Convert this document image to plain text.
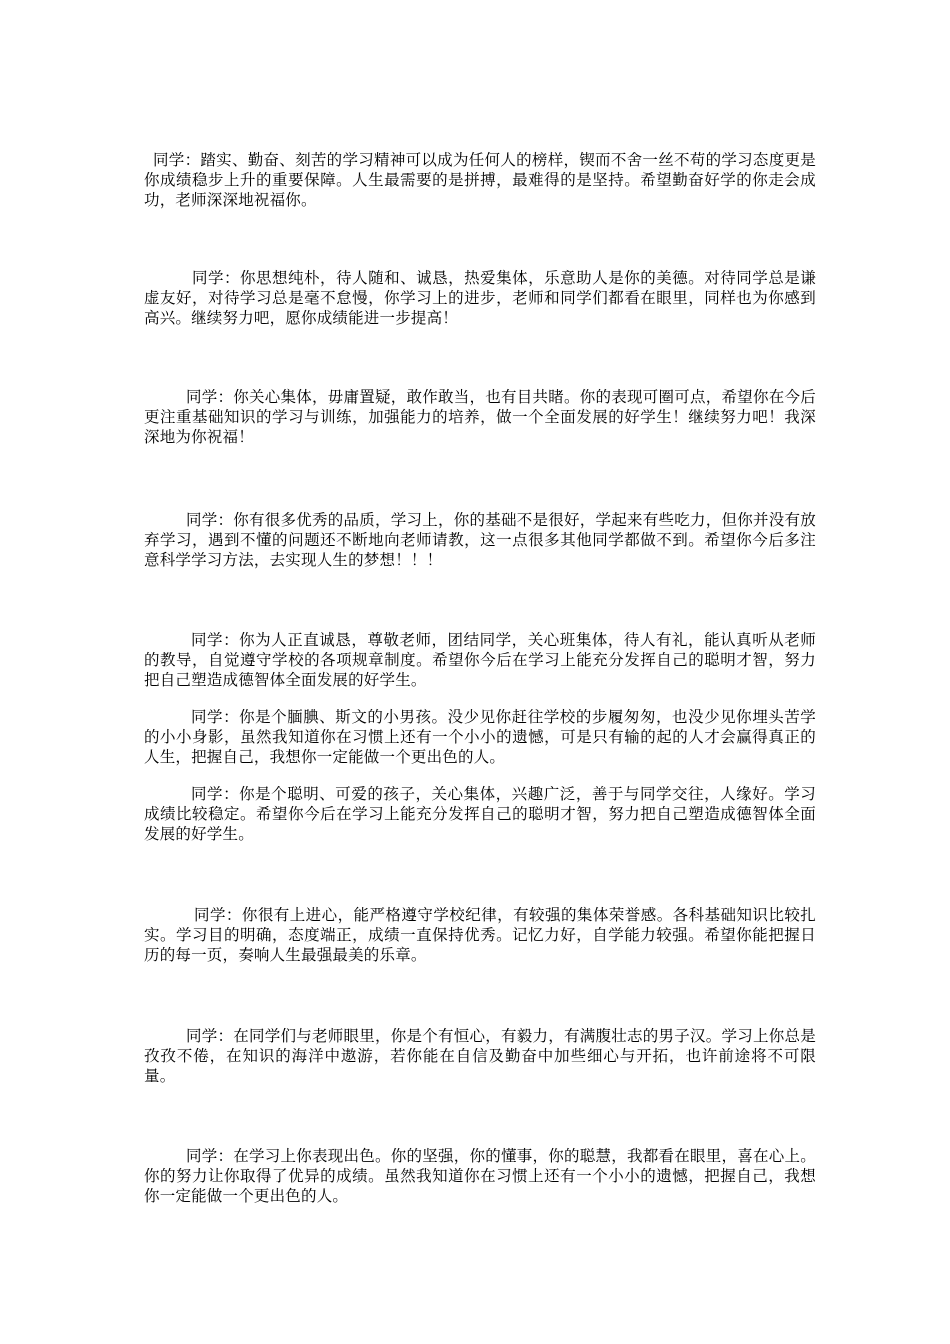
同学：踏实、勤奋、刻苦的学习精神可以成为任何人的榜样，锲而不舍一丝不苟的学习态度更是你成绩稳步上升的重要保障。人生最需要的是拼搏，最难得的是坚持。希望勤奋好学的你走会成功，老师深深地祝福你。

同学：你思想纯朴，待人随和、诚恳，热爱集体，乐意助人是你的美德。对待同学总是谦虚友好，对待学习总是毫不怠慢，你学习上的进步，老师和同学们都看在眼里，同样也为你感到高兴。继续努力吧，愿你成绩能进一步提高！

同学：你关心集体，毋庸置疑，敢作敢当，也有目共睹。你的表现可圈可点，希望你在今后更注重基础知识的学习与训练，加强能力的培养，做一个全面发展的好学生！继续努力吧！我深深地为你祝福！

同学：你有很多优秀的品质，学习上，你的基础不是很好，学起来有些吃力，但你并没有放弃学习，遇到不懂的问题还不断地向老师请教，这一点很多其他同学都做不到。希望你今后多注意科学学习方法，去实现人生的梦想！！！

同学：你为人正直诚恳，尊敬老师，团结同学，关心班集体，待人有礼，能认真听从老师的教导，自觉遵守学校的各项规章制度。希望你今后在学习上能充分发挥自己的聪明才智，努力把自己塑造成德智体全面发展的好学生。

同学：你是个腼腆、斯文的小男孩。没少见你赶往学校的步履匆匆，也没少见你埋头苦学的小小身影，虽然我知道你在习惯上还有一个小小的遗憾，可是只有输的起的人才会赢得真正的人生，把握自己，我想你一定能做一个更出色的人。

同学：你是个聪明、可爱的孩子，关心集体，兴趣广泛，善于与同学交往，人缘好。学习成绩比较稳定。希望你今后在学习上能充分发挥自己的聪明才智，努力把自己塑造成德智体全面发展的好学生。

同学：你很有上进心，能严格遵守学校纪律，有较强的集体荣誉感。各科基础知识比较扎实。学习目的明确，态度端正，成绩一直保持优秀。记忆力好，自学能力较强。希望你能把握日历的每一页，奏响人生最强最美的乐章。

同学：在同学们与老师眼里，你是个有恒心，有毅力，有满腹壮志的男子汉。学习上你总是孜孜不倦，在知识的海洋中遨游，若你能在自信及勤奋中加些细心与开拓，也许前途将不可限量。

同学：在学习上你表现出色。你的坚强，你的懂事，你的聪慧，我都看在眼里，喜在心上。你的努力让你取得了优异的成绩。虽然我知道你在习惯上还有一个小小的遗憾，把握自己，我想你一定能做一个更出色的人。
